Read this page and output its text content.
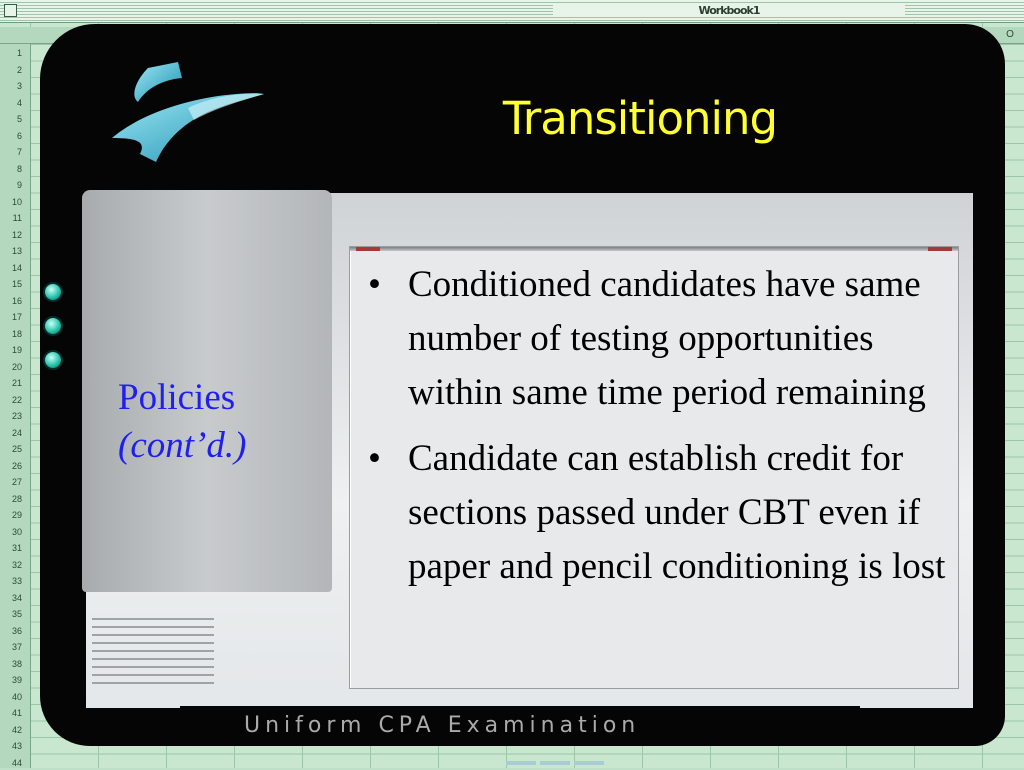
Workbook1
O
1
2
3
4
5
6
7
8
9
10
11
12
13
14
15
16
17
18
19
20
21
22
23
24
25
26
27
28
29
30
31
32
33
34
35
36
37
38
39
40
41
42
43
44
Transitioning
Policies
(cont’d.)
• Conditioned candidates have same number of testing opportunities within same time period remaining
• Candidate can establish credit for sections passed under CBT even if paper and pencil conditioning is lost
Uniform CPA Examination
